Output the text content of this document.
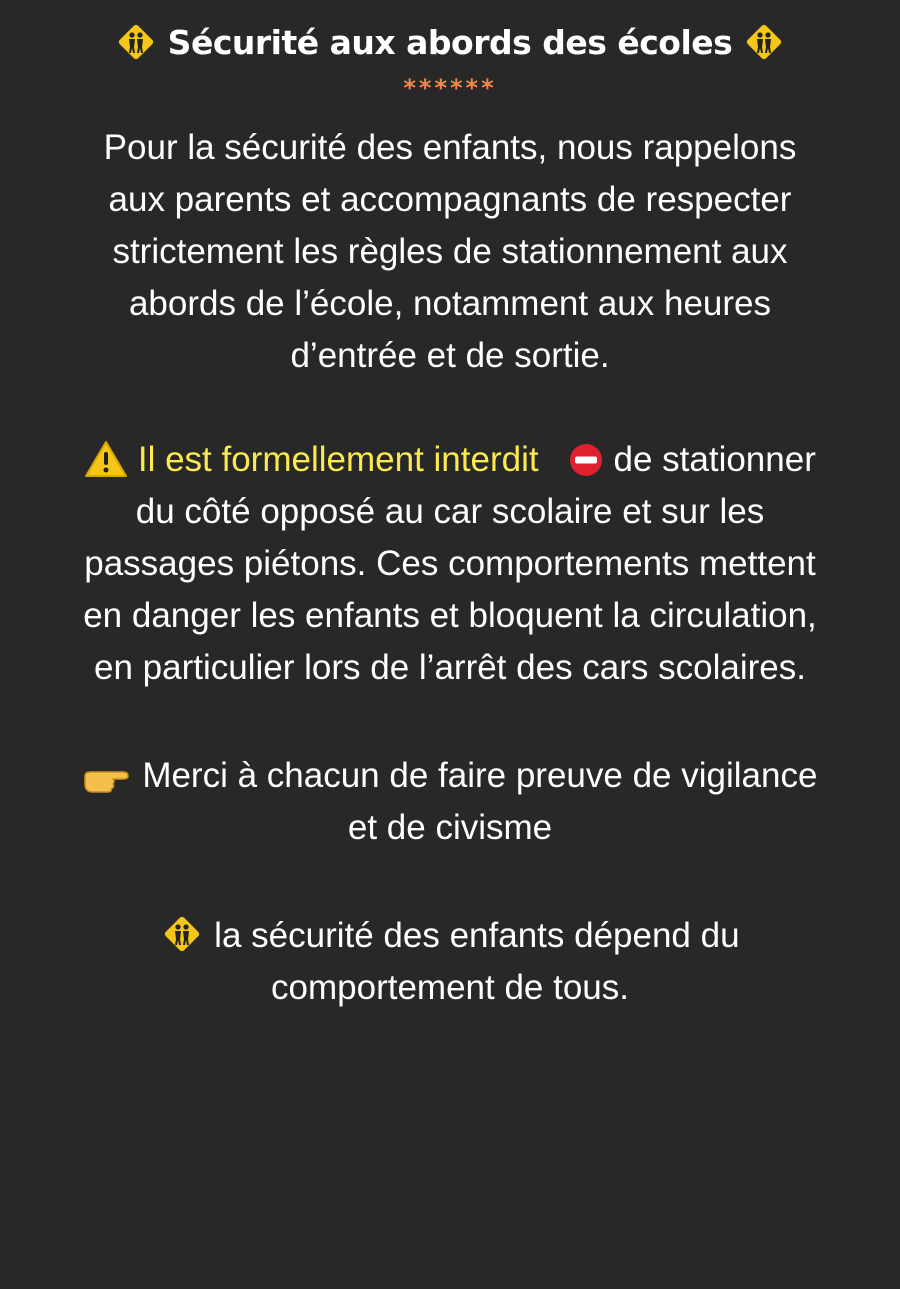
Sécurité aux abords des écoles
******
Pour la sécurité des enfants, nous rappelons
aux parents et accompagnants de respecter
strictement les règles de stationnement aux
abords de l’école, notamment aux heures
d’entrée et de sortie.
Il est formellement interdit de stationner
du côté opposé au car scolaire et sur les
passages piétons. Ces comportements mettent
en danger les enfants et bloquent la circulation,
en particulier lors de l’arrêt des cars scolaires.
Merci à chacun de faire preuve de vigilance
et de civisme
la sécurité des enfants dépend du
comportement de tous.
